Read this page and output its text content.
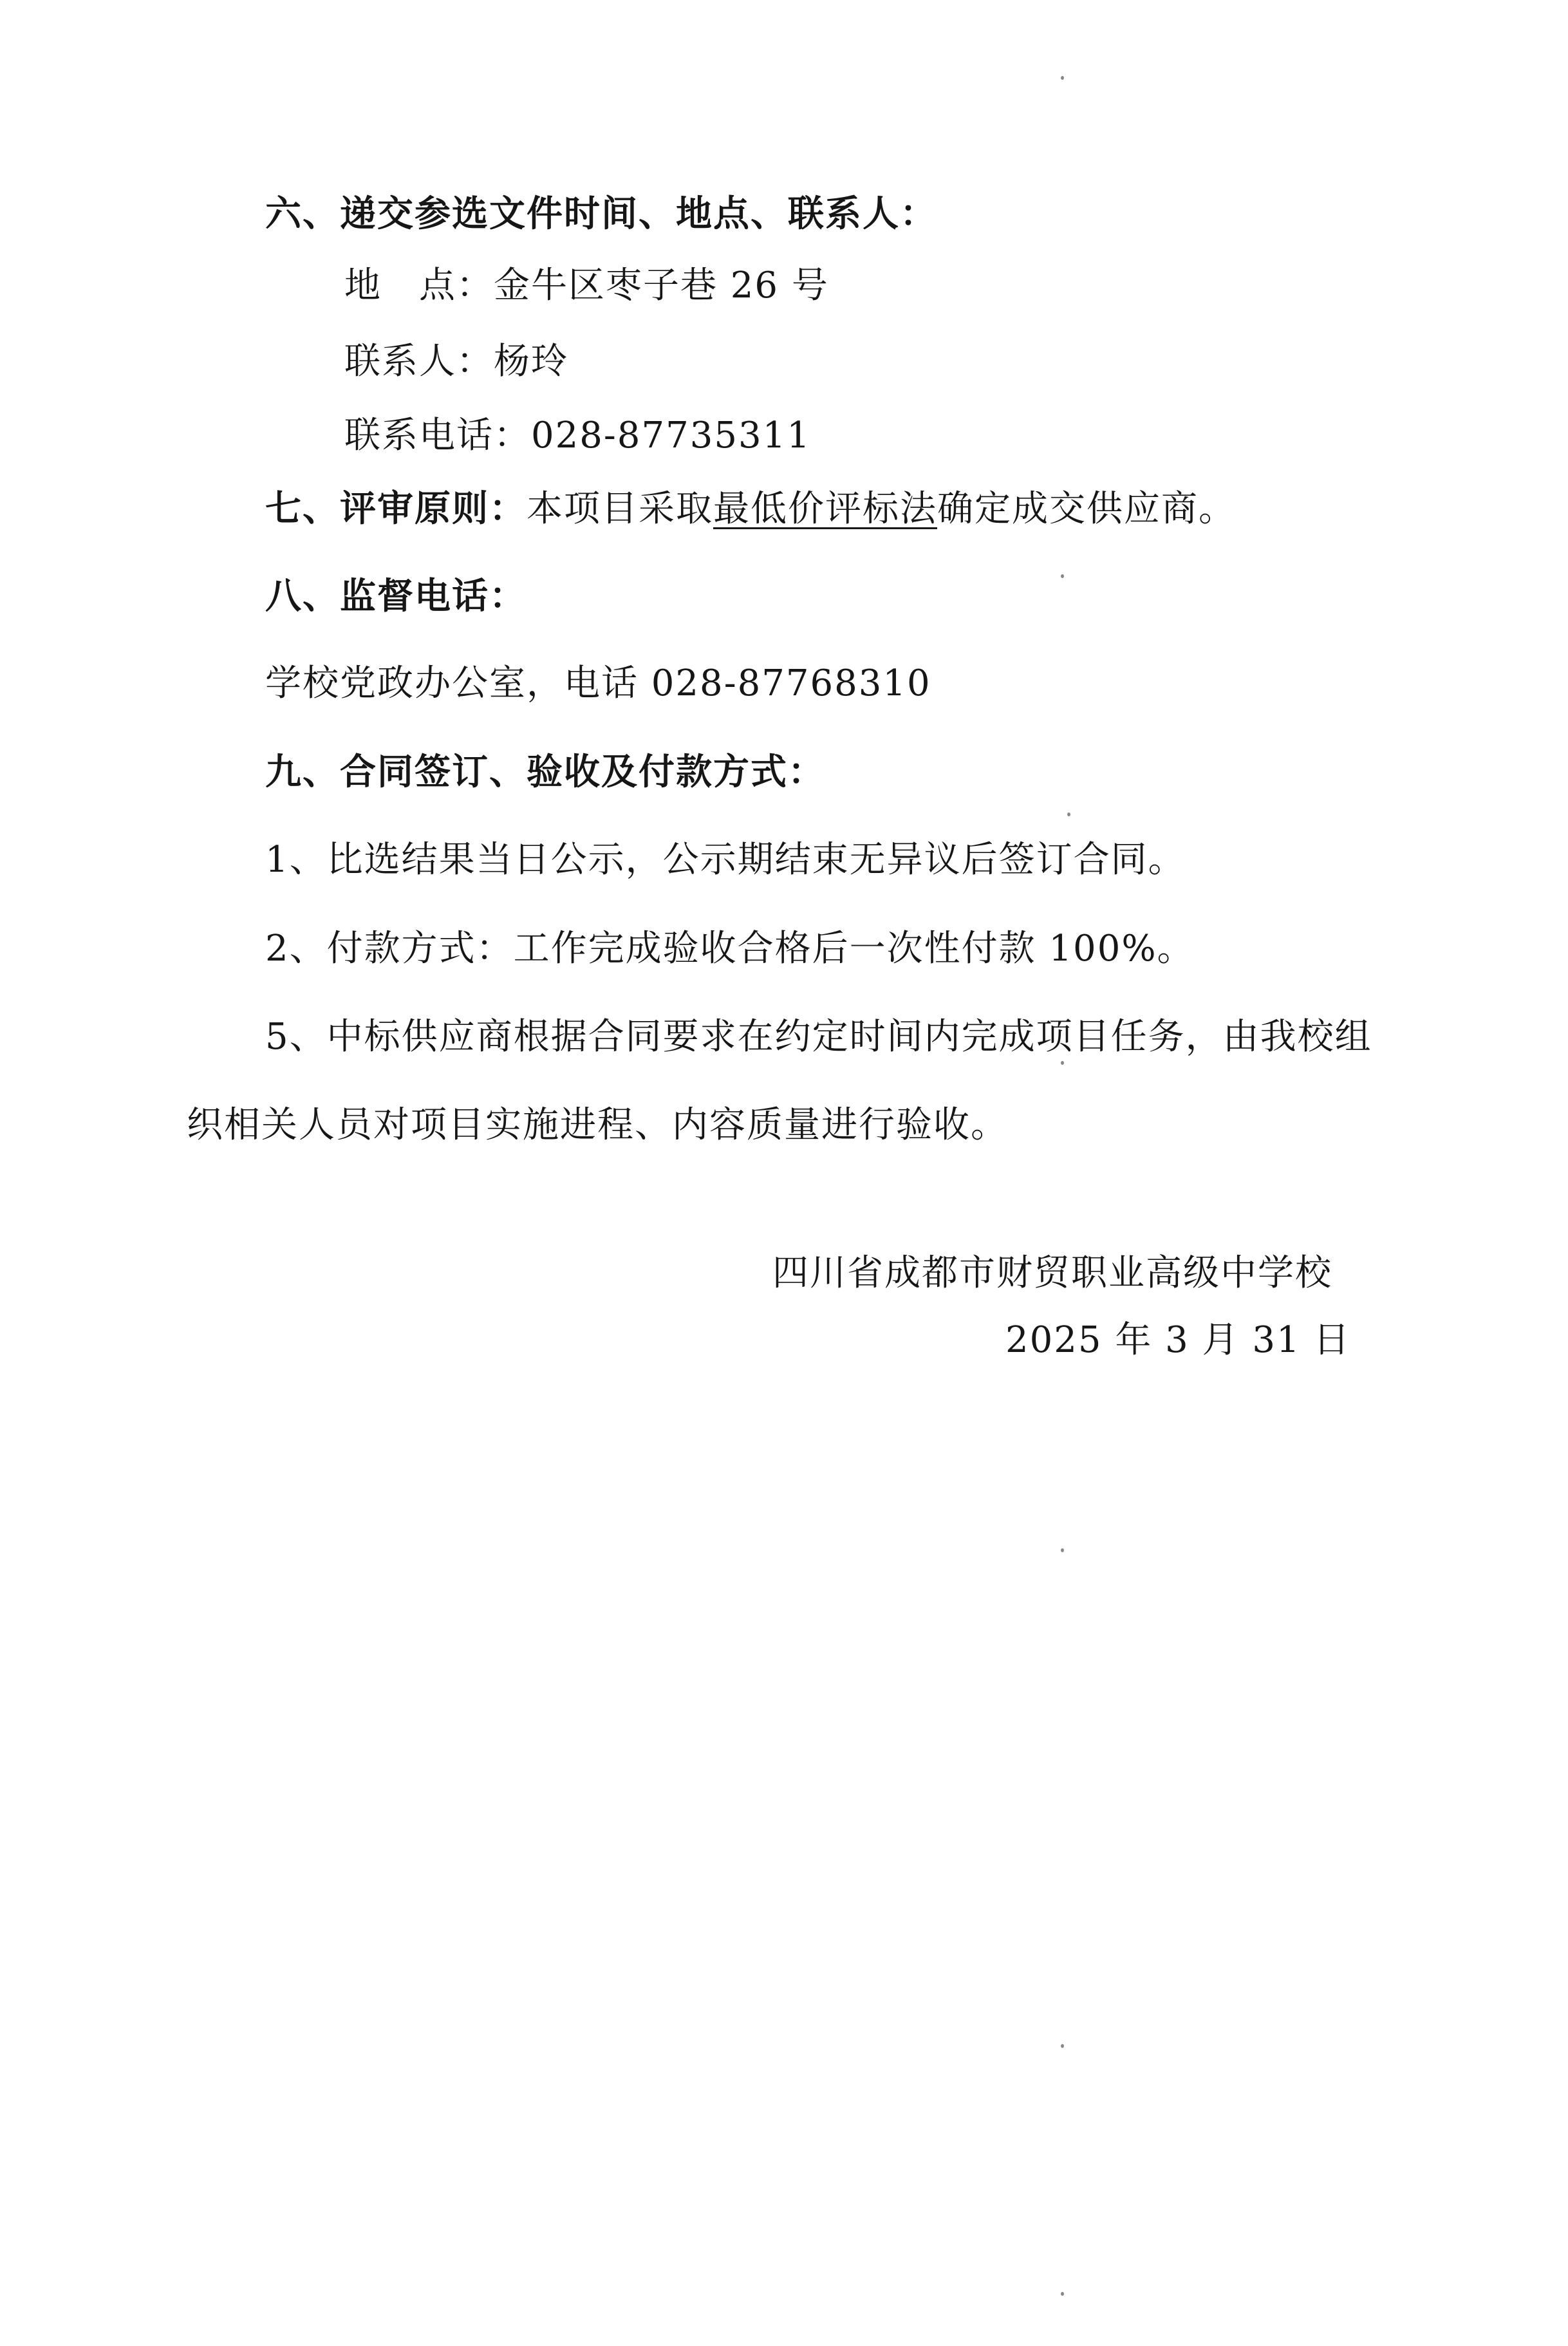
六、递交参选文件时间、地点、联系人：
地　点：金牛区枣子巷 26 号
联系人：杨玲
联系电话：028-87735311
七、评审原则：本项目采取最低价评标法确定成交供应商。
八、监督电话：
学校党政办公室，电话 028-87768310
九、合同签订、验收及付款方式：
1、比选结果当日公示，公示期结束无异议后签订合同。
2、付款方式：工作完成验收合格后一次性付款 100%。
5、中标供应商根据合同要求在约定时间内完成项目任务，由我校组
织相关人员对项目实施进程、内容质量进行验收。
四川省成都市财贸职业高级中学校
2025 年 3 月 31 日
